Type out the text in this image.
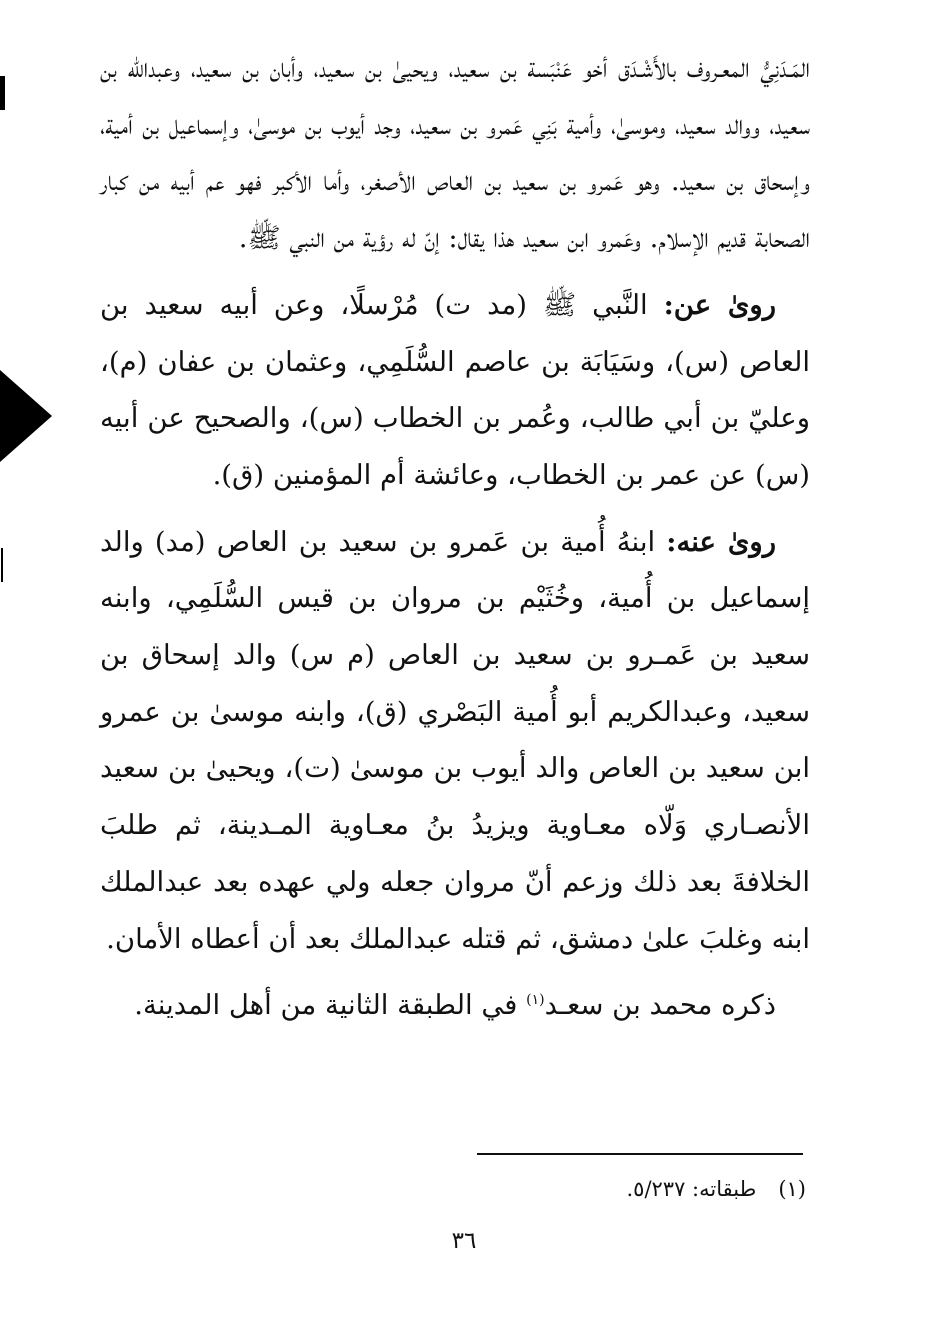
المَـدَنِيُّ المعـروف بالأَشْـدَق أخو عَنْبَسة بن سعيد، ويحيىٰ بن سعيد، وأبان بن سعيد، وعبدالله بن سعيد، ووالد سعيد، وموسىٰ، وأمية بَنِي عَمرو بن سعيد، وجد أيوب بن موسىٰ، وإسماعيل بن أمية، وإسحاق بن سعيد. وهو عَمرو بن سعيد بن العاص الأصغر، وأما الأكبر فهو عم أبيه من كبار الصحابة قديم الإسلام. وعَمرو ابن سعيد هذا يقال: إنّ له رؤية من النبي ﷺ.

روىٰ عن: النَّبي ﷺ (مد ت) مُرْسلًا، وعن أبيه سعيد بن العاص (س)، وسَيَابَة بن عاصم السُّلَمِي، وعثمان بن عفان (م)، وعليّ بن أبي طالب، وعُمر بن الخطاب (س)، والصحيح عن أبيه (س) عن عمر بن الخطاب، وعائشة أم المؤمنين (ق).

روىٰ عنه: ابنهُ أُمية بن عَمرو بن سعيد بن العاص (مد) والد إسماعيل بن أُمية، وخُثَيْم بن مروان بن قيس السُّلَمِي، وابنه سعيد بن عَمـرو بن سعيد بن العاص (م س) والد إسحاق بن سعيد، وعبدالكريم أبو أُمية البَصْري (ق)، وابنه موسىٰ بن عمرو ابن سعيد بن العاص والد أيوب بن موسىٰ (ت)، ويحيىٰ بن سعيد الأنصـاري وَلّاه معـاوية ويزيدُ بنُ معـاوية المـدينة، ثم طلبَ الخلافةَ بعد ذلك وزعم أنّ مروان جعله ولي عهده بعد عبدالملك ابنه وغلبَ علىٰ دمشق، ثم قتله عبدالملك بعد أن أعطاه الأمان.

ذكره محمد بن سعـد$^{(١)}$ في الطبقة الثانية من أهل المدينة.

(١)طبقاته: ٥/٢٣٧.
٣٦
